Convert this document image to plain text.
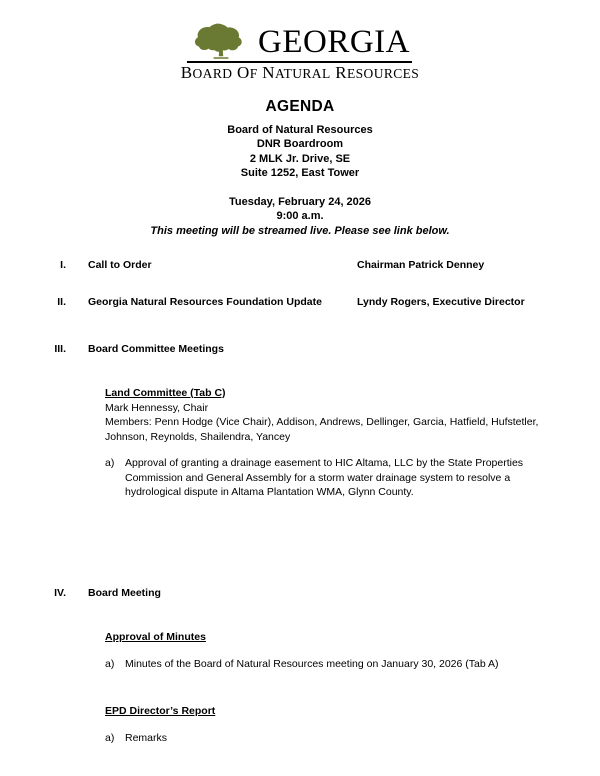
GEORGIA
BOARD OF NATURAL RESOURCES
AGENDA
Board of Natural Resources
DNR Boardroom
2 MLK Jr. Drive, SE
Suite 1252, East Tower
Tuesday, February 24, 2026
9:00 a.m.
This meeting will be streamed live. Please see link below.
I. Call to Order	Chairman Patrick Denney
II. Georgia Natural Resources Foundation Update	Lyndy Rogers, Executive Director
III. Board Committee Meetings
Land Committee (Tab C)
Mark Hennessy, Chair
Members: Penn Hodge (Vice Chair), Addison, Andrews, Dellinger, Garcia, Hatfield, Hufstetler, Johnson, Reynolds, Shailendra, Yancey
a) Approval of granting a drainage easement to HIC Altama, LLC by the State Properties Commission and General Assembly for a storm water drainage system to resolve a hydrological dispute in Altama Plantation WMA, Glynn County.
IV. Board Meeting
Approval of Minutes
a) Minutes of the Board of Natural Resources meeting on January 30, 2026 (Tab A)
EPD Director’s Report
a) Remarks
